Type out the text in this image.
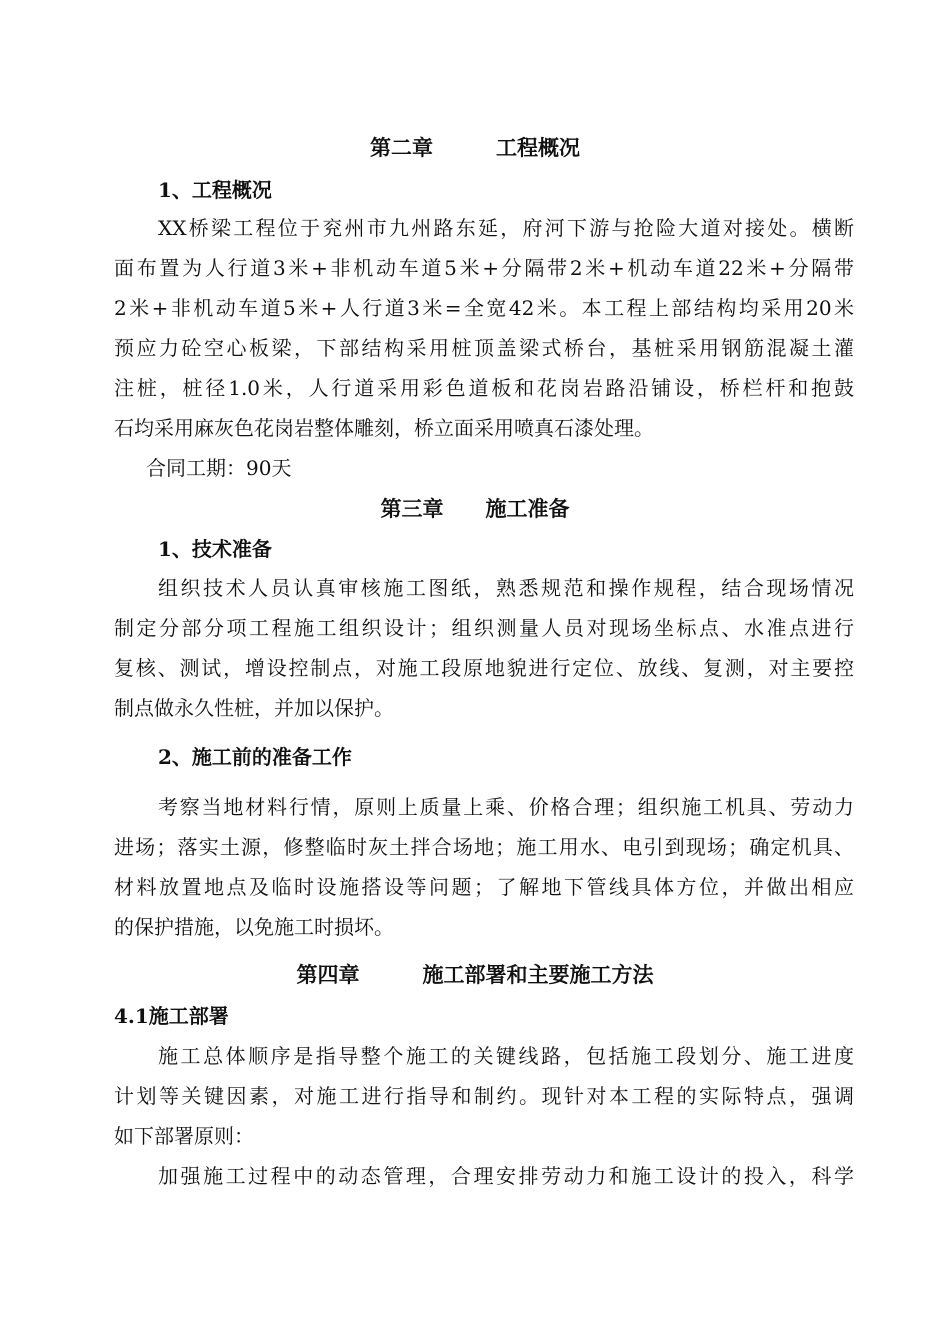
第二章　　　工程概况
1、工程概况
XX桥梁工程位于兖州市九州路东延，府河下游与抢险大道对接处。横断
面布置为人行道3米+非机动车道5米+分隔带2米+机动车道22米+分隔带
2米+非机动车道5米+人行道3米=全宽42米。本工程上部结构均采用20米
预应力砼空心板梁，下部结构采用桩顶盖梁式桥台，基桩采用钢筋混凝土灌
注桩，桩径1.0米，人行道采用彩色道板和花岗岩路沿铺设，桥栏杆和抱鼓
石均采用麻灰色花岗岩整体雕刻，桥立面采用喷真石漆处理。
合同工期：90天
第三章　　施工准备
1、技术准备
组织技术人员认真审核施工图纸，熟悉规范和操作规程，结合现场情况
制定分部分项工程施工组织设计；组织测量人员对现场坐标点、水准点进行
复核、测试，增设控制点，对施工段原地貌进行定位、放线、复测，对主要控
制点做永久性桩，并加以保护。
2、施工前的准备工作
考察当地材料行情，原则上质量上乘、价格合理；组织施工机具、劳动力
进场；落实土源，修整临时灰土拌合场地；施工用水、电引到现场；确定机具、
材料放置地点及临时设施搭设等问题；了解地下管线具体方位，并做出相应
的保护措施，以免施工时损坏。
第四章　　　施工部署和主要施工方法
4.1施工部署
施工总体顺序是指导整个施工的关键线路，包括施工段划分、施工进度
计划等关键因素，对施工进行指导和制约。现针对本工程的实际特点，强调
如下部署原则：
加强施工过程中的动态管理，合理安排劳动力和施工设计的投入，科学
